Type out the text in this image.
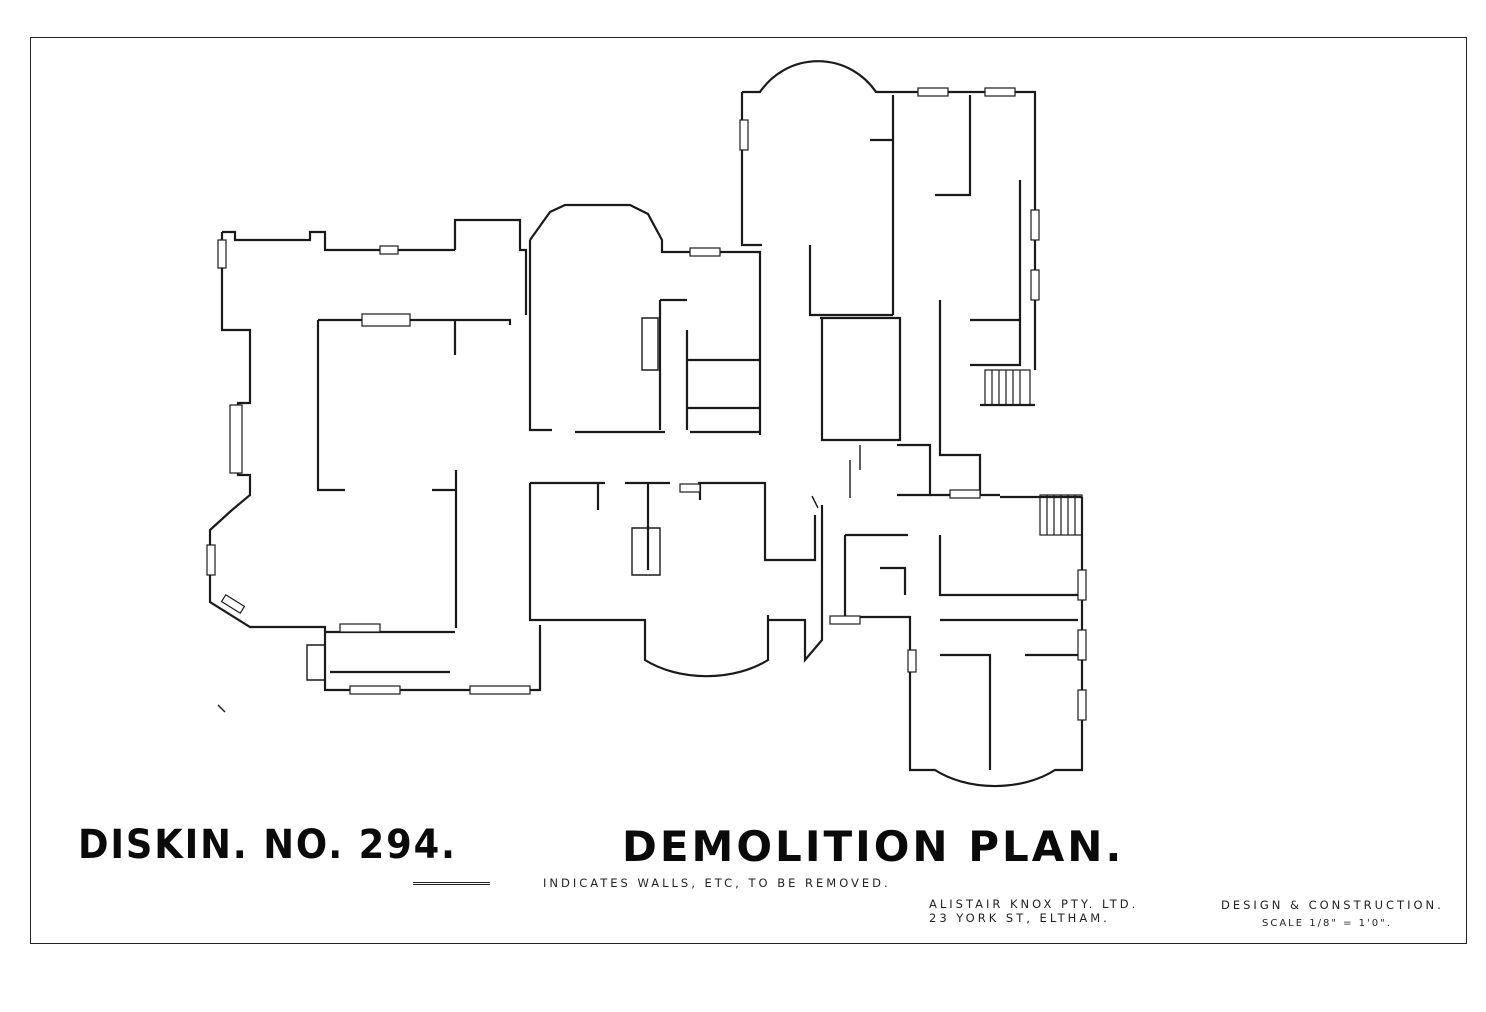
DISKIN. NO. 294.	DEMOLITION PLAN.
INDICATES WALLS, ETC, TO BE REMOVED.
ALISTAIR KNOX PTY. LTD.
23 YORK ST, ELTHAM.
DESIGN & CONSTRUCTION.
SCALE 1/8" = 1'0".
